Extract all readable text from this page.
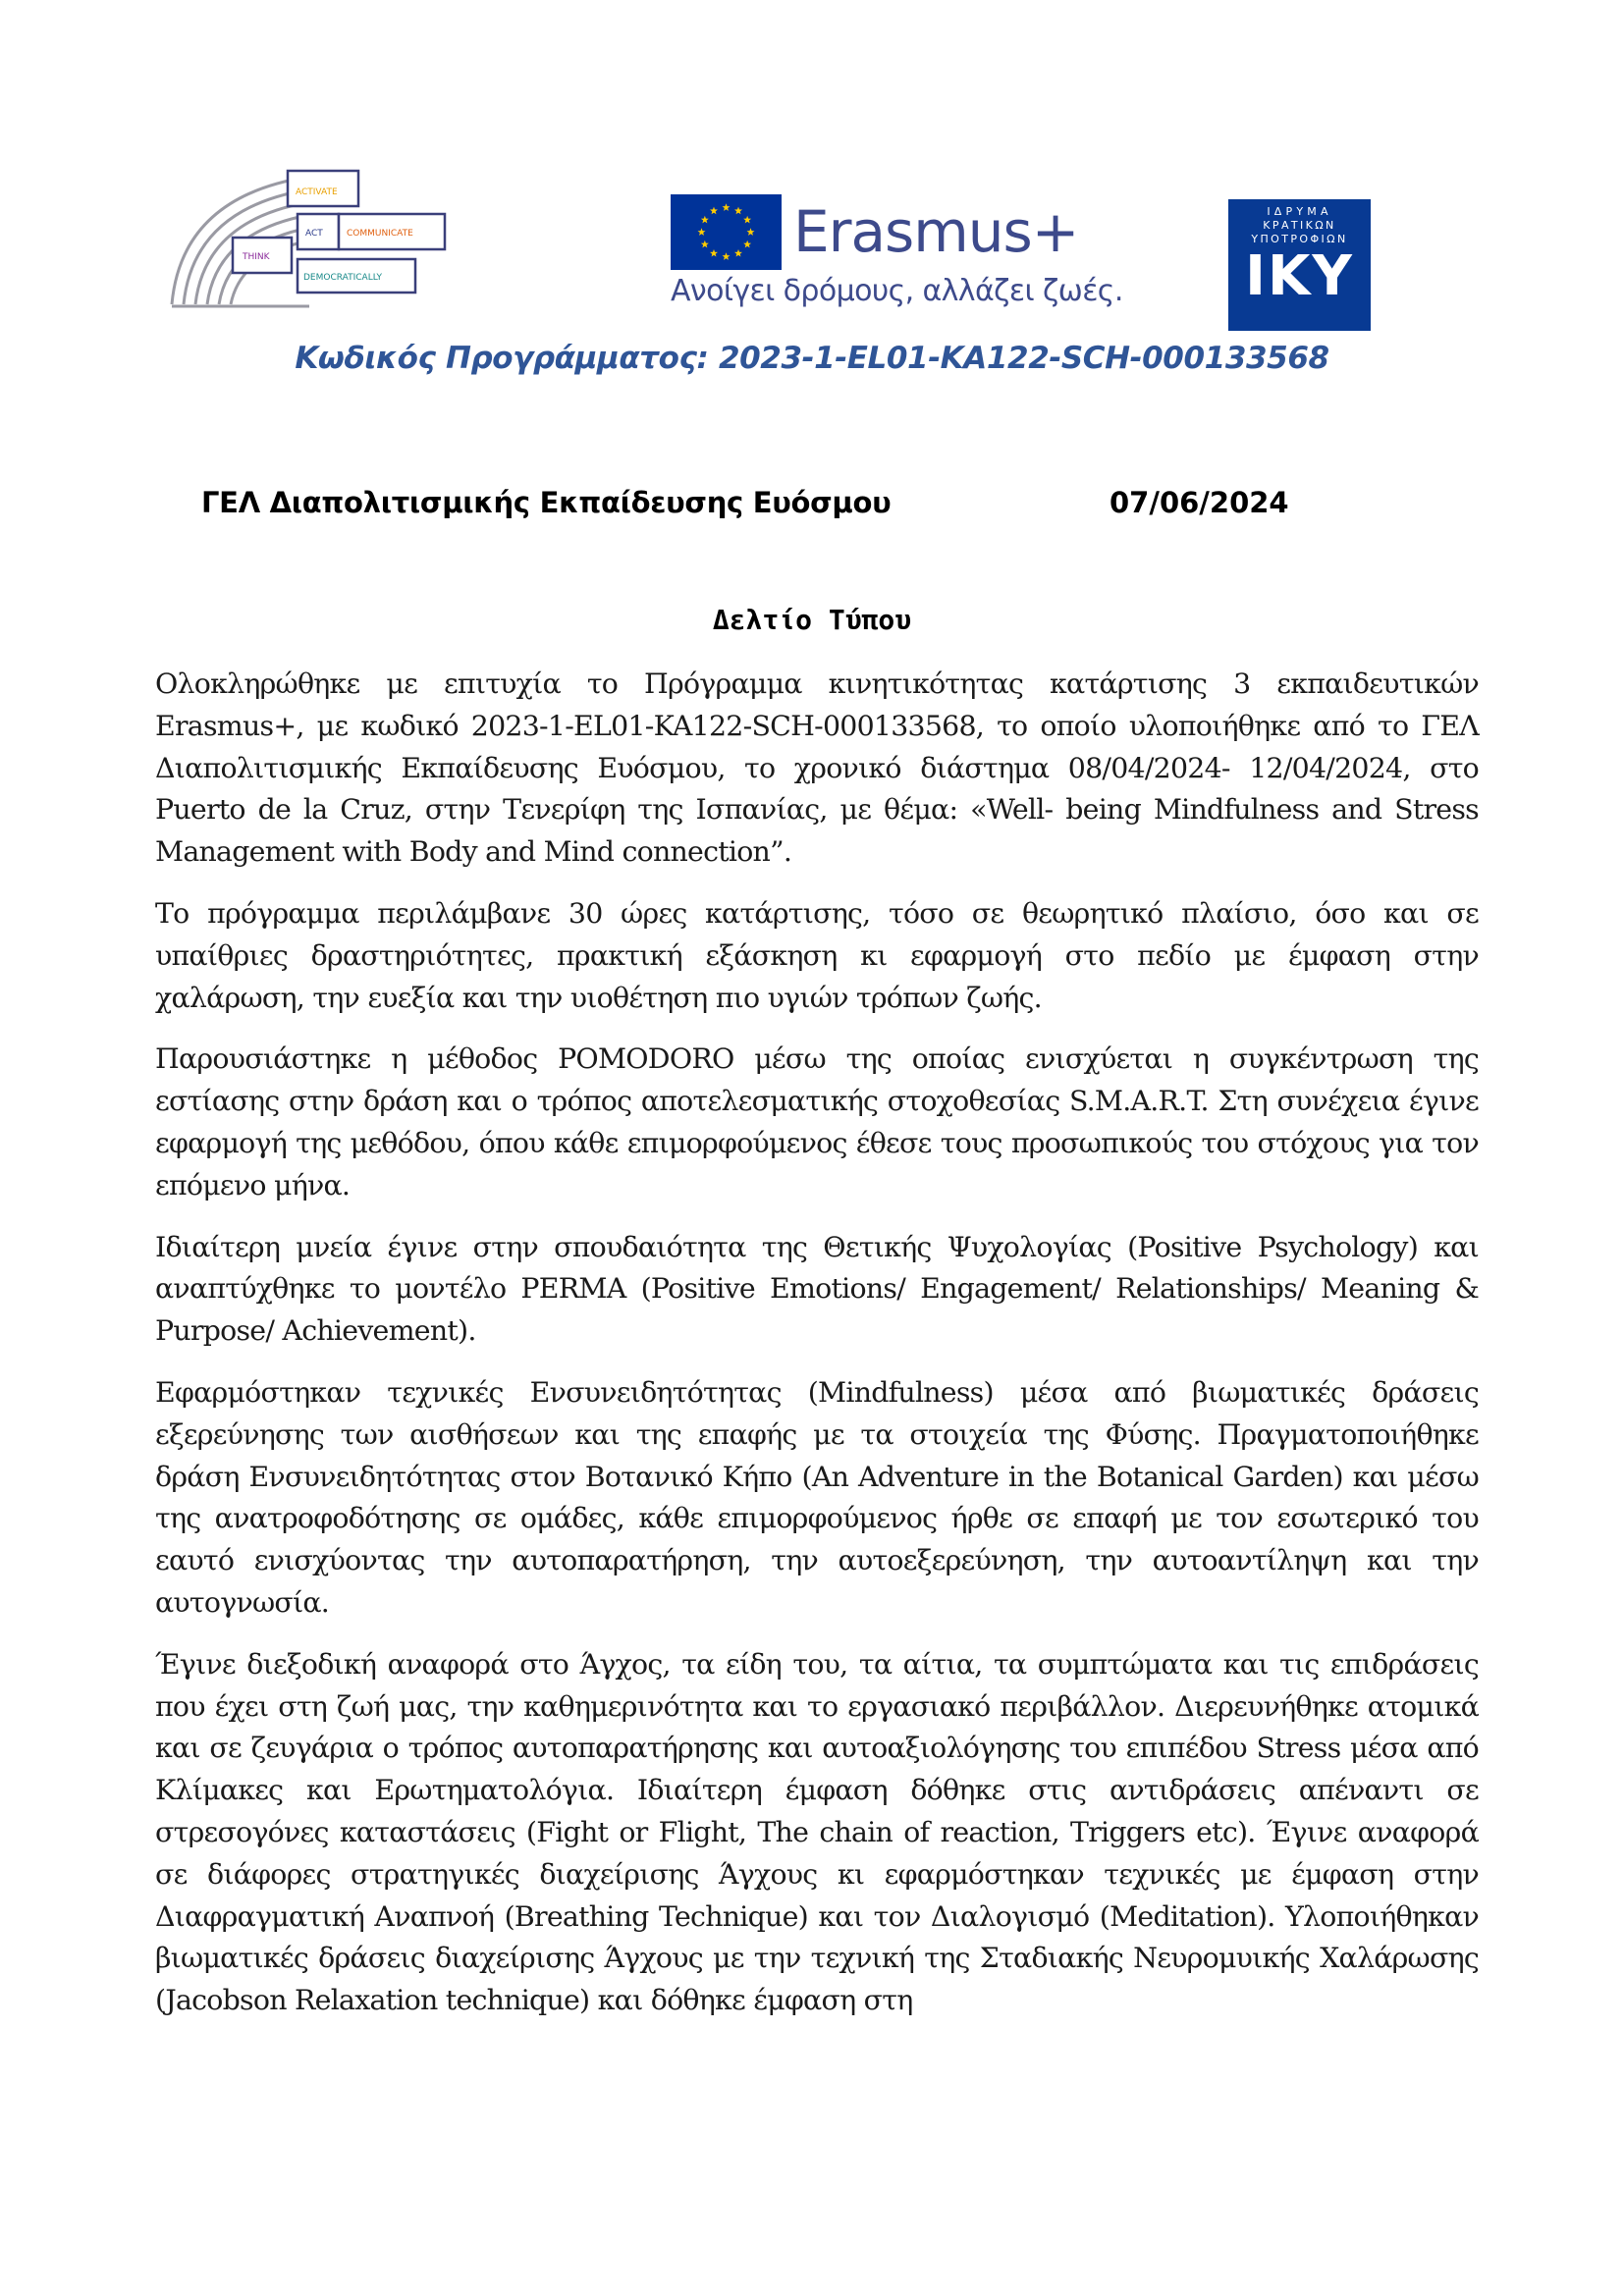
ACTIVATE
ACT	COMMUNICATE
THINK
DEMOCRATICALLY
Erasmus+
Ανοίγει δρόμους, αλλάζει ζωές.
ΙΔΡΥΜΑ
ΚΡΑΤΙΚΩΝ
ΥΠΟΤΡΟΦΙΩΝ
IKY
Κωδικός Προγράμματος: 2023-1-EL01-KA122-SCH-000133568
ΓΕΛ Διαπολιτισμικής Εκπαίδευσης Ευόσμου	07/06/2024
Δελτίο Τύπου

Ολοκληρώθηκε με επιτυχία το Πρόγραμμα κινητικότητας κατάρτισης 3 εκπαιδευτικών Erasmus+, με κωδικό 2023-1-EL01-KA122-SCH-000133568, το οποίο υλοποιήθηκε από το ΓΕΛ Διαπολιτισμικής Εκπαίδευσης Ευόσμου, το χρονικό διάστημα 08/04/2024- 12/04/2024, στο Puerto de la Cruz, στην Τενερίφη της Ισπανίας, με θέμα: «Well- being Mindfulness and Stress Management with Body and Mind connection”.

Το πρόγραμμα περιλάμβανε 30 ώρες κατάρτισης, τόσο σε θεωρητικό πλαίσιο, όσο και σε υπαίθριες δραστηριότητες, πρακτική εξάσκηση κι εφαρμογή στο πεδίο με έμφαση στην χαλάρωση, την ευεξία και την υιοθέτηση πιο υγιών τρόπων ζωής.

Παρουσιάστηκε η μέθοδος POMODORO μέσω της οποίας ενισχύεται η συγκέντρωση της εστίασης στην δράση και ο τρόπος αποτελεσματικής στοχοθεσίας S.M.A.R.T. Στη συνέχεια έγινε εφαρμογή της μεθόδου, όπου κάθε επιμορφούμενος έθεσε τους προσωπικούς του στόχους για τον επόμενο μήνα.

Ιδιαίτερη μνεία έγινε στην σπουδαιότητα της Θετικής Ψυχολογίας (Positive Psychology) και αναπτύχθηκε το μοντέλο PERMA (Positive Emotions/ Engagement/ Relationships/ Meaning & Purpose/ Achievement).

Εφαρμόστηκαν τεχνικές Ενσυνειδητότητας (Mindfulness) μέσα από βιωματικές δράσεις εξερεύνησης των αισθήσεων και της επαφής με τα στοιχεία της Φύσης. Πραγματοποιήθηκε δράση Ενσυνειδητότητας στον Βοτανικό Κήπο (An Adventure in the Botanical Garden) και μέσω της ανατροφοδότησης σε ομάδες, κάθε επιμορφούμενος ήρθε σε επαφή με τον εσωτερικό του εαυτό ενισχύοντας την αυτοπαρατήρηση, την αυτοεξερεύνηση, την αυτοαντίληψη και την αυτογνωσία.

Έγινε διεξοδική αναφορά στο Άγχος, τα είδη του, τα αίτια, τα συμπτώματα και τις επιδράσεις που έχει στη ζωή μας, την καθημερινότητα και το εργασιακό περιβάλλον. Διερευνήθηκε ατομικά και σε ζευγάρια ο τρόπος αυτοπαρατήρησης και αυτοαξιολόγησης του επιπέδου Stress μέσα από Κλίμακες και Ερωτηματολόγια. Ιδιαίτερη έμφαση δόθηκε στις αντιδράσεις απέναντι σε στρεσογόνες καταστάσεις (Fight or Flight, The chain of reaction, Triggers etc). Έγινε αναφορά σε διάφορες στρατηγικές διαχείρισης Άγχους κι εφαρμόστηκαν τεχνικές με έμφαση στην Διαφραγματική Αναπνοή (Breathing Technique) και τον Διαλογισμό (Meditation). Υλοποιήθηκαν βιωματικές δράσεις διαχείρισης Άγχους με την τεχνική της Σταδιακής Νευρομυικής Χαλάρωσης (Jacobson Relaxation technique) και δόθηκε έμφαση στη
